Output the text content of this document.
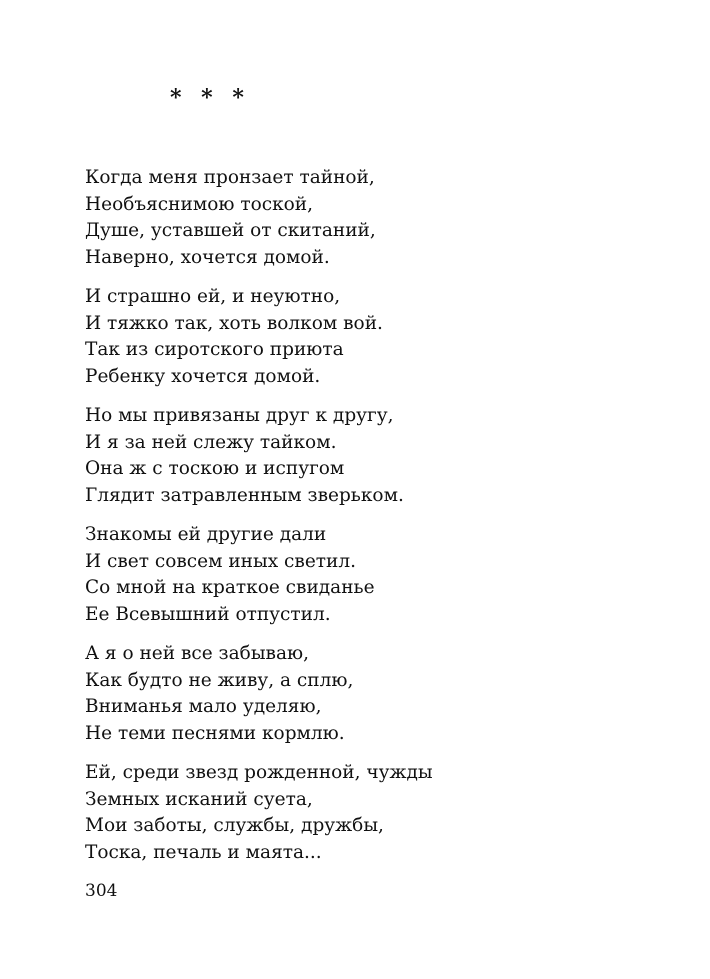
* * *
Когда меня пронзает тайной,
Необъяснимою тоской,
Душе, уставшей от скитаний,
Наверно, хочется домой.
И страшно ей, и неуютно,
И тяжко так, хоть волком вой.
Так из сиротского приюта
Ребенку хочется домой.
Но мы привязаны друг к другу,
И я за ней слежу тайком.
Она ж с тоскою и испугом
Глядит затравленным зверьком.
Знакомы ей другие дали
И свет совсем иных светил.
Со мной на краткое свиданье
Ее Всевышний отпустил.
А я о ней все забываю,
Как будто не живу, а сплю,
Вниманья мало уделяю,
Не теми песнями кормлю.
Ей, среди звезд рожденной, чужды
Земных исканий суета,
Мои заботы, службы, дружбы,
Тоска, печаль и маята...
304
